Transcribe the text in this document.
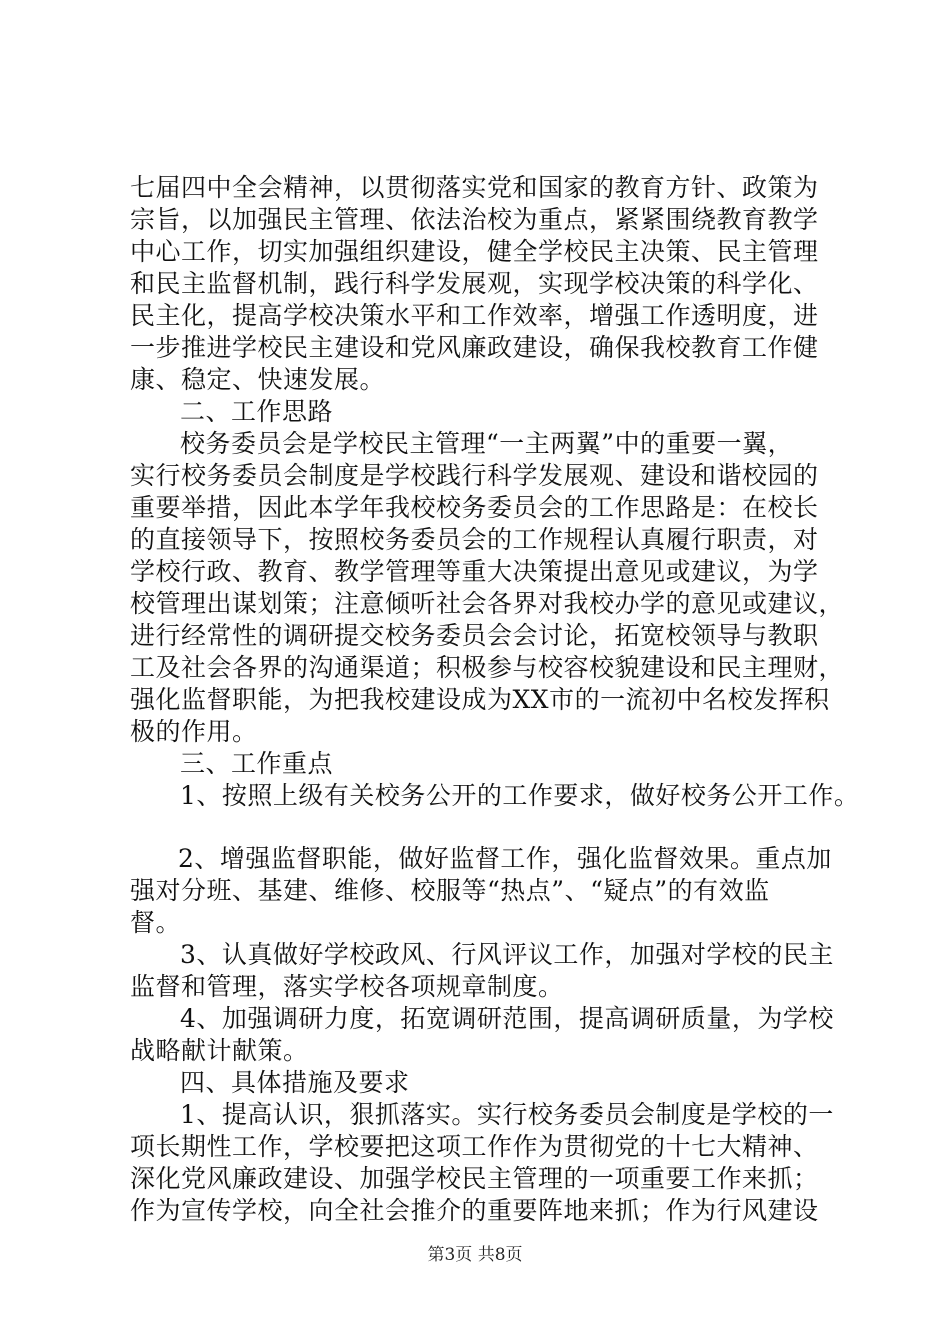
七届四中全会精神，以贯彻落实党和国家的教育方针、政策为
宗旨，以加强民主管理、依法治校为重点，紧紧围绕教育教学
中心工作，切实加强组织建设，健全学校民主决策、民主管理
和民主监督机制，践行科学发展观，实现学校决策的科学化、
民主化，提高学校决策水平和工作效率，增强工作透明度，进
一步推进学校民主建设和党风廉政建设，确保我校教育工作健
康、稳定、快速发展。
二、工作思路
校务委员会是学校民主管理“一主两翼”中的重要一翼，
实行校务委员会制度是学校践行科学发展观、建设和谐校园的
重要举措，因此本学年我校校务委员会的工作思路是：在校长
的直接领导下，按照校务委员会的工作规程认真履行职责，对
学校行政、教育、教学管理等重大决策提出意见或建议，为学
校管理出谋划策；注意倾听社会各界对我校办学的意见或建议，
进行经常性的调研提交校务委员会会讨论，拓宽校领导与教职
工及社会各界的沟通渠道；积极参与校容校貌建设和民主理财，
强化监督职能，为把我校建设成为XX市的一流初中名校发挥积
极的作用。
三、工作重点
1、按照上级有关校务公开的工作要求，做好校务公开工作。
2、增强监督职能，做好监督工作，强化监督效果。重点加
强对分班、基建、维修、校服等“热点”、“疑点”的有效监
督。
3、认真做好学校政风、行风评议工作，加强对学校的民主
监督和管理，落实学校各项规章制度。
4、加强调研力度，拓宽调研范围，提高调研质量，为学校
战略献计献策。
四、具体措施及要求
1、提高认识，狠抓落实。实行校务委员会制度是学校的一
项长期性工作，学校要把这项工作作为贯彻党的十七大精神、
深化党风廉政建设、加强学校民主管理的一项重要工作来抓；
作为宣传学校，向全社会推介的重要阵地来抓；作为行风建设
第3页 共8页
